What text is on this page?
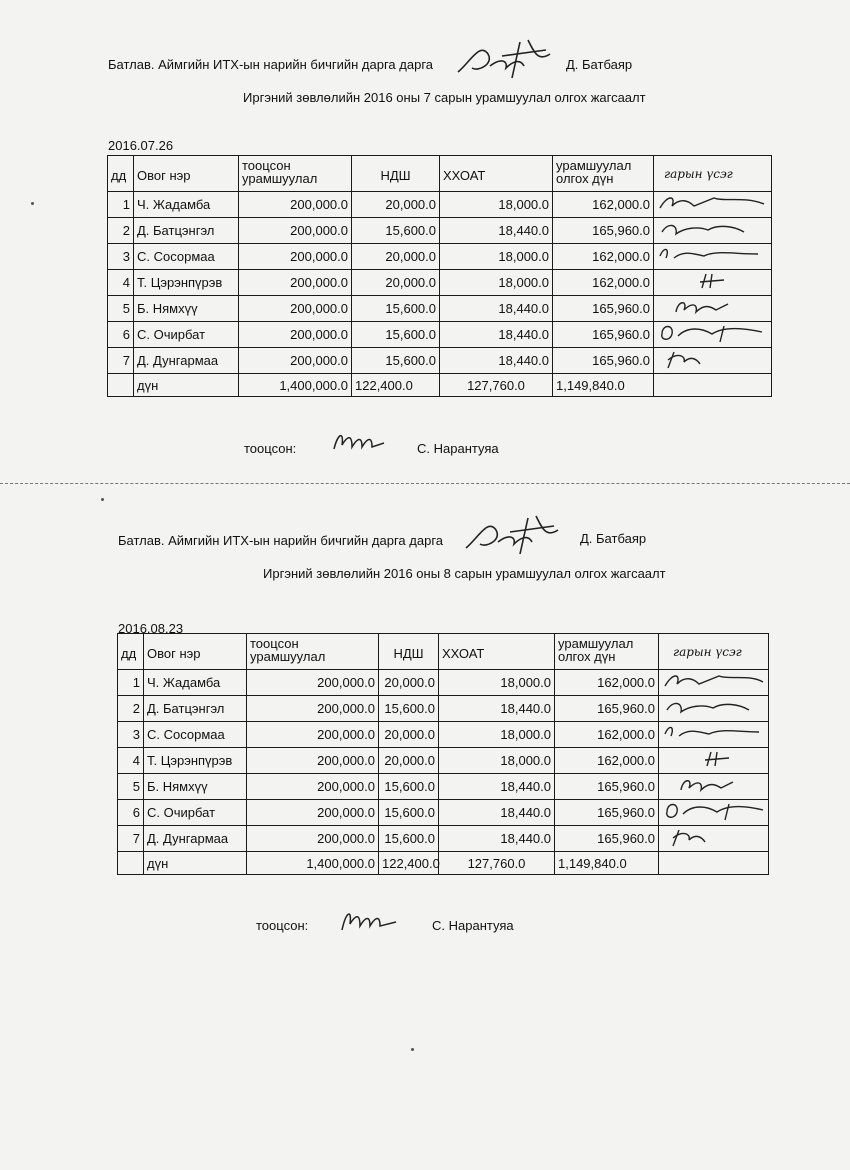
Батлав. Аймгийн ИТХ-ын нарийн бичгийн дарга дарга	Д. Батбаяр
Иргэний зөвлөлийн 2016 оны 7 сарын урамшуулал олгох жагсаалт
2016.07.26
дд	Овог нэр	тооцсон урамшуулал	НДШ	ХХОАТ	урамшуулал олгох дүн	гарын үсэг

1	Ч. Жадамба	200,000.0	20,000.0	18,000.0	162,000.0	
2	Д. Батцэнгэл	200,000.0	15,600.0	18,440.0	165,960.0	
3	С. Сосормаа	200,000.0	20,000.0	18,000.0	162,000.0	
4	Т. Цэрэнпүрэв	200,000.0	20,000.0	18,000.0	162,000.0	
5	Б. Нямхүү	200,000.0	15,600.0	18,440.0	165,960.0	
6	С. Очирбат	200,000.0	15,600.0	18,440.0	165,960.0	
7	Д. Дунгармаа	200,000.0	15,600.0	18,440.0	165,960.0	
	дүн	1,400,000.0	122,400.0	127,760.0	1,149,840.0	
тооцсон:	С. Нарантуяа
Батлав. Аймгийн ИТХ-ын нарийн бичгийн дарга дарга	Д. Батбаяр
Иргэний зөвлөлийн 2016 оны 8 сарын урамшуулал олгох жагсаалт
2016.08.23
дд	Овог нэр	тооцсон урамшуулал	НДШ	ХХОАТ	урамшуулал олгох дүн	гарын үсэг

1	Ч. Жадамба	200,000.0	20,000.0	18,000.0	162,000.0	
2	Д. Батцэнгэл	200,000.0	15,600.0	18,440.0	165,960.0	
3	С. Сосормаа	200,000.0	20,000.0	18,000.0	162,000.0	
4	Т. Цэрэнпүрэв	200,000.0	20,000.0	18,000.0	162,000.0	
5	Б. Нямхүү	200,000.0	15,600.0	18,440.0	165,960.0	
6	С. Очирбат	200,000.0	15,600.0	18,440.0	165,960.0	
7	Д. Дунгармаа	200,000.0	15,600.0	18,440.0	165,960.0	
	дүн	1,400,000.0	122,400.0	127,760.0	1,149,840.0	
тооцсон:	С. Нарантуяа
